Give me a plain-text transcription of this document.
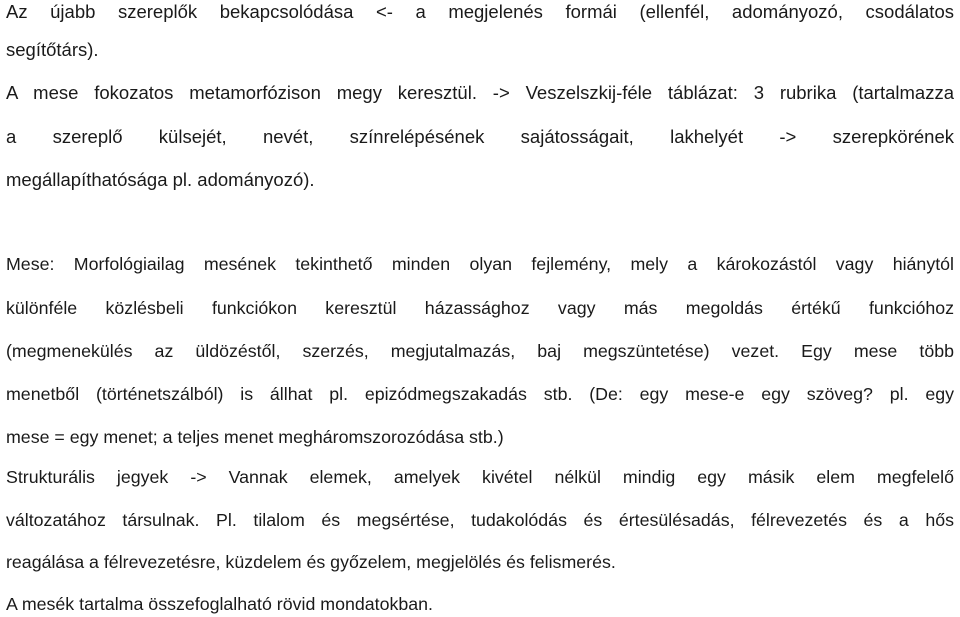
Az újabb szereplők bekapcsolódása <- a megjelenés formái (ellenfél, adományozó, csodálatos
segítőtárs).
A mese fokozatos metamorfózison megy keresztül. -> Veszelszkij-féle táblázat: 3 rubrika (tartalmazza
a szereplő külsejét, nevét, színrelépésének sajátosságait, lakhelyét -> szerepkörének
megállapíthatósága pl. adományozó).
Mese: Morfológiailag mesének tekinthető minden olyan fejlemény, mely a károkozástól vagy hiánytól
különféle közlésbeli funkciókon keresztül házassághoz vagy más megoldás értékű funkcióhoz
(megmenekülés az üldözéstől, szerzés, megjutalmazás, baj megszüntetése) vezet. Egy mese több
menetből (történetszálból) is állhat pl. epizódmegszakadás stb. (De: egy mese-e egy szöveg? pl. egy
mese = egy menet; a teljes menet megháromszorozódása stb.)
Strukturális jegyek -> Vannak elemek, amelyek kivétel nélkül mindig egy másik elem megfelelő
változatához társulnak. Pl. tilalom és megsértése, tudakolódás és értesülésadás, félrevezetés és a hős
reagálása a félrevezetésre, küzdelem és győzelem, megjelölés és felismerés.
A mesék tartalma összefoglalható rövid mondatokban.
